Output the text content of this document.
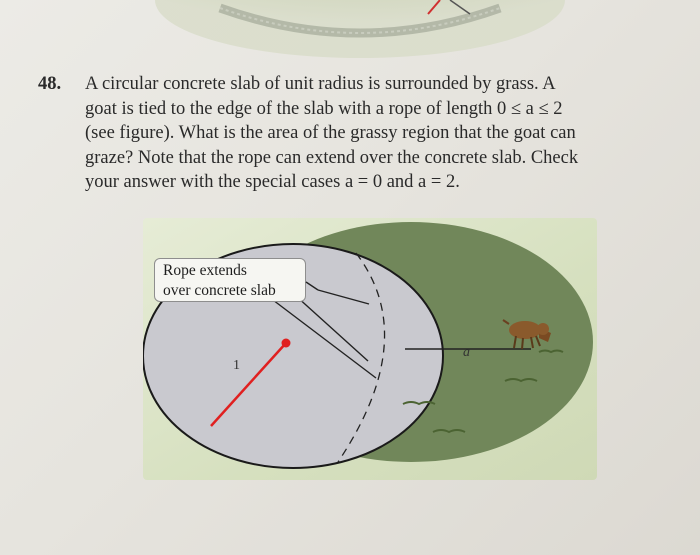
48. A circular concrete slab of unit radius is surrounded by grass. A
goat is tied to the edge of the slab with a rope of length 0 ≤ a ≤ 2
(see figure). What is the area of the grassy region that the goat can
graze? Note that the rope can extend over the concrete slab. Check
your answer with the special cases a = 0 and a = 2.
Rope extends
over concrete slab
1
a
